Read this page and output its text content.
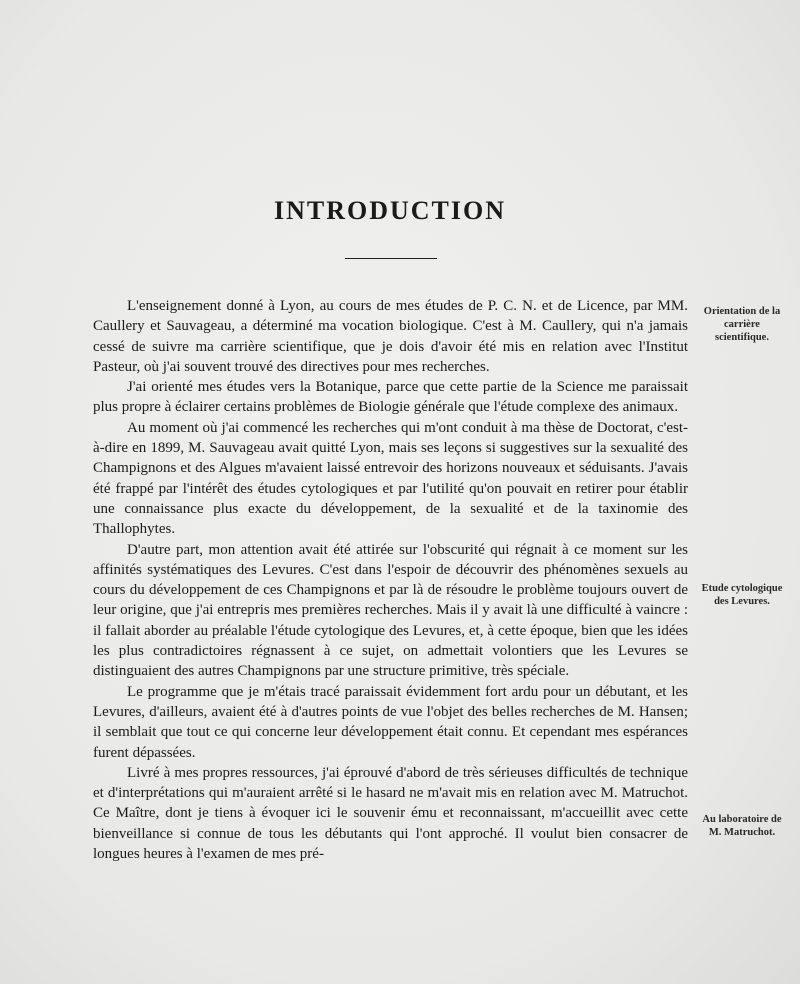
INTRODUCTION

L'enseignement donné à Lyon, au cours de mes études de P. C. N. et de Licence, par MM. Caullery et Sauvageau, a déterminé ma vocation biologique. C'est à M. Caullery, qui n'a jamais cessé de suivre ma carrière scientifique, que je dois d'avoir été mis en relation avec l'Institut Pasteur, où j'ai souvent trouvé des directives pour mes recherches.

J'ai orienté mes études vers la Botanique, parce que cette partie de la Science me paraissait plus propre à éclairer certains problèmes de Biologie générale que l'étude complexe des animaux.

Au moment où j'ai commencé les recherches qui m'ont conduit à ma thèse de Doctorat, c'est-à-dire en 1899, M. Sauvageau avait quitté Lyon, mais ses leçons si suggestives sur la sexualité des Champignons et des Algues m'avaient laissé entrevoir des horizons nouveaux et séduisants. J'avais été frappé par l'intérêt des études cytologiques et par l'utilité qu'on pouvait en retirer pour établir une connaissance plus exacte du développement, de la sexualité et de la taxinomie des Thallophytes.

D'autre part, mon attention avait été attirée sur l'obscurité qui régnait à ce moment sur les affinités systématiques des Levures. C'est dans l'espoir de découvrir des phénomènes sexuels au cours du développement de ces Champignons et par là de résoudre le problème toujours ouvert de leur origine, que j'ai entrepris mes premières recherches. Mais il y avait là une difficulté à vaincre : il fallait aborder au préalable l'étude cytologique des Levures, et, à cette époque, bien que les idées les plus contradictoires régnassent à ce sujet, on admettait volontiers que les Levures se distinguaient des autres Champignons par une structure primitive, très spéciale.

Le programme que je m'étais tracé paraissait évidemment fort ardu pour un débutant, et les Levures, d'ailleurs, avaient été à d'autres points de vue l'objet des belles recherches de M. Hansen; il semblait que tout ce qui concerne leur développement était connu. Et cependant mes espérances furent dépassées.

Livré à mes propres ressources, j'ai éprouvé d'abord de très sérieuses difficultés de technique et d'interprétations qui m'auraient arrêté si le hasard ne m'avait mis en relation avec M. Matruchot. Ce Maître, dont je tiens à évoquer ici le souvenir ému et reconnaissant, m'accueillit avec cette bienveillance si connue de tous les débutants qui l'ont approché. Il voulut bien consacrer de longues heures à l'examen de mes pré-

Orientation de la carrière scientifique.
Etude cytologique des Levures.
Au laboratoire de M. Matruchot.
